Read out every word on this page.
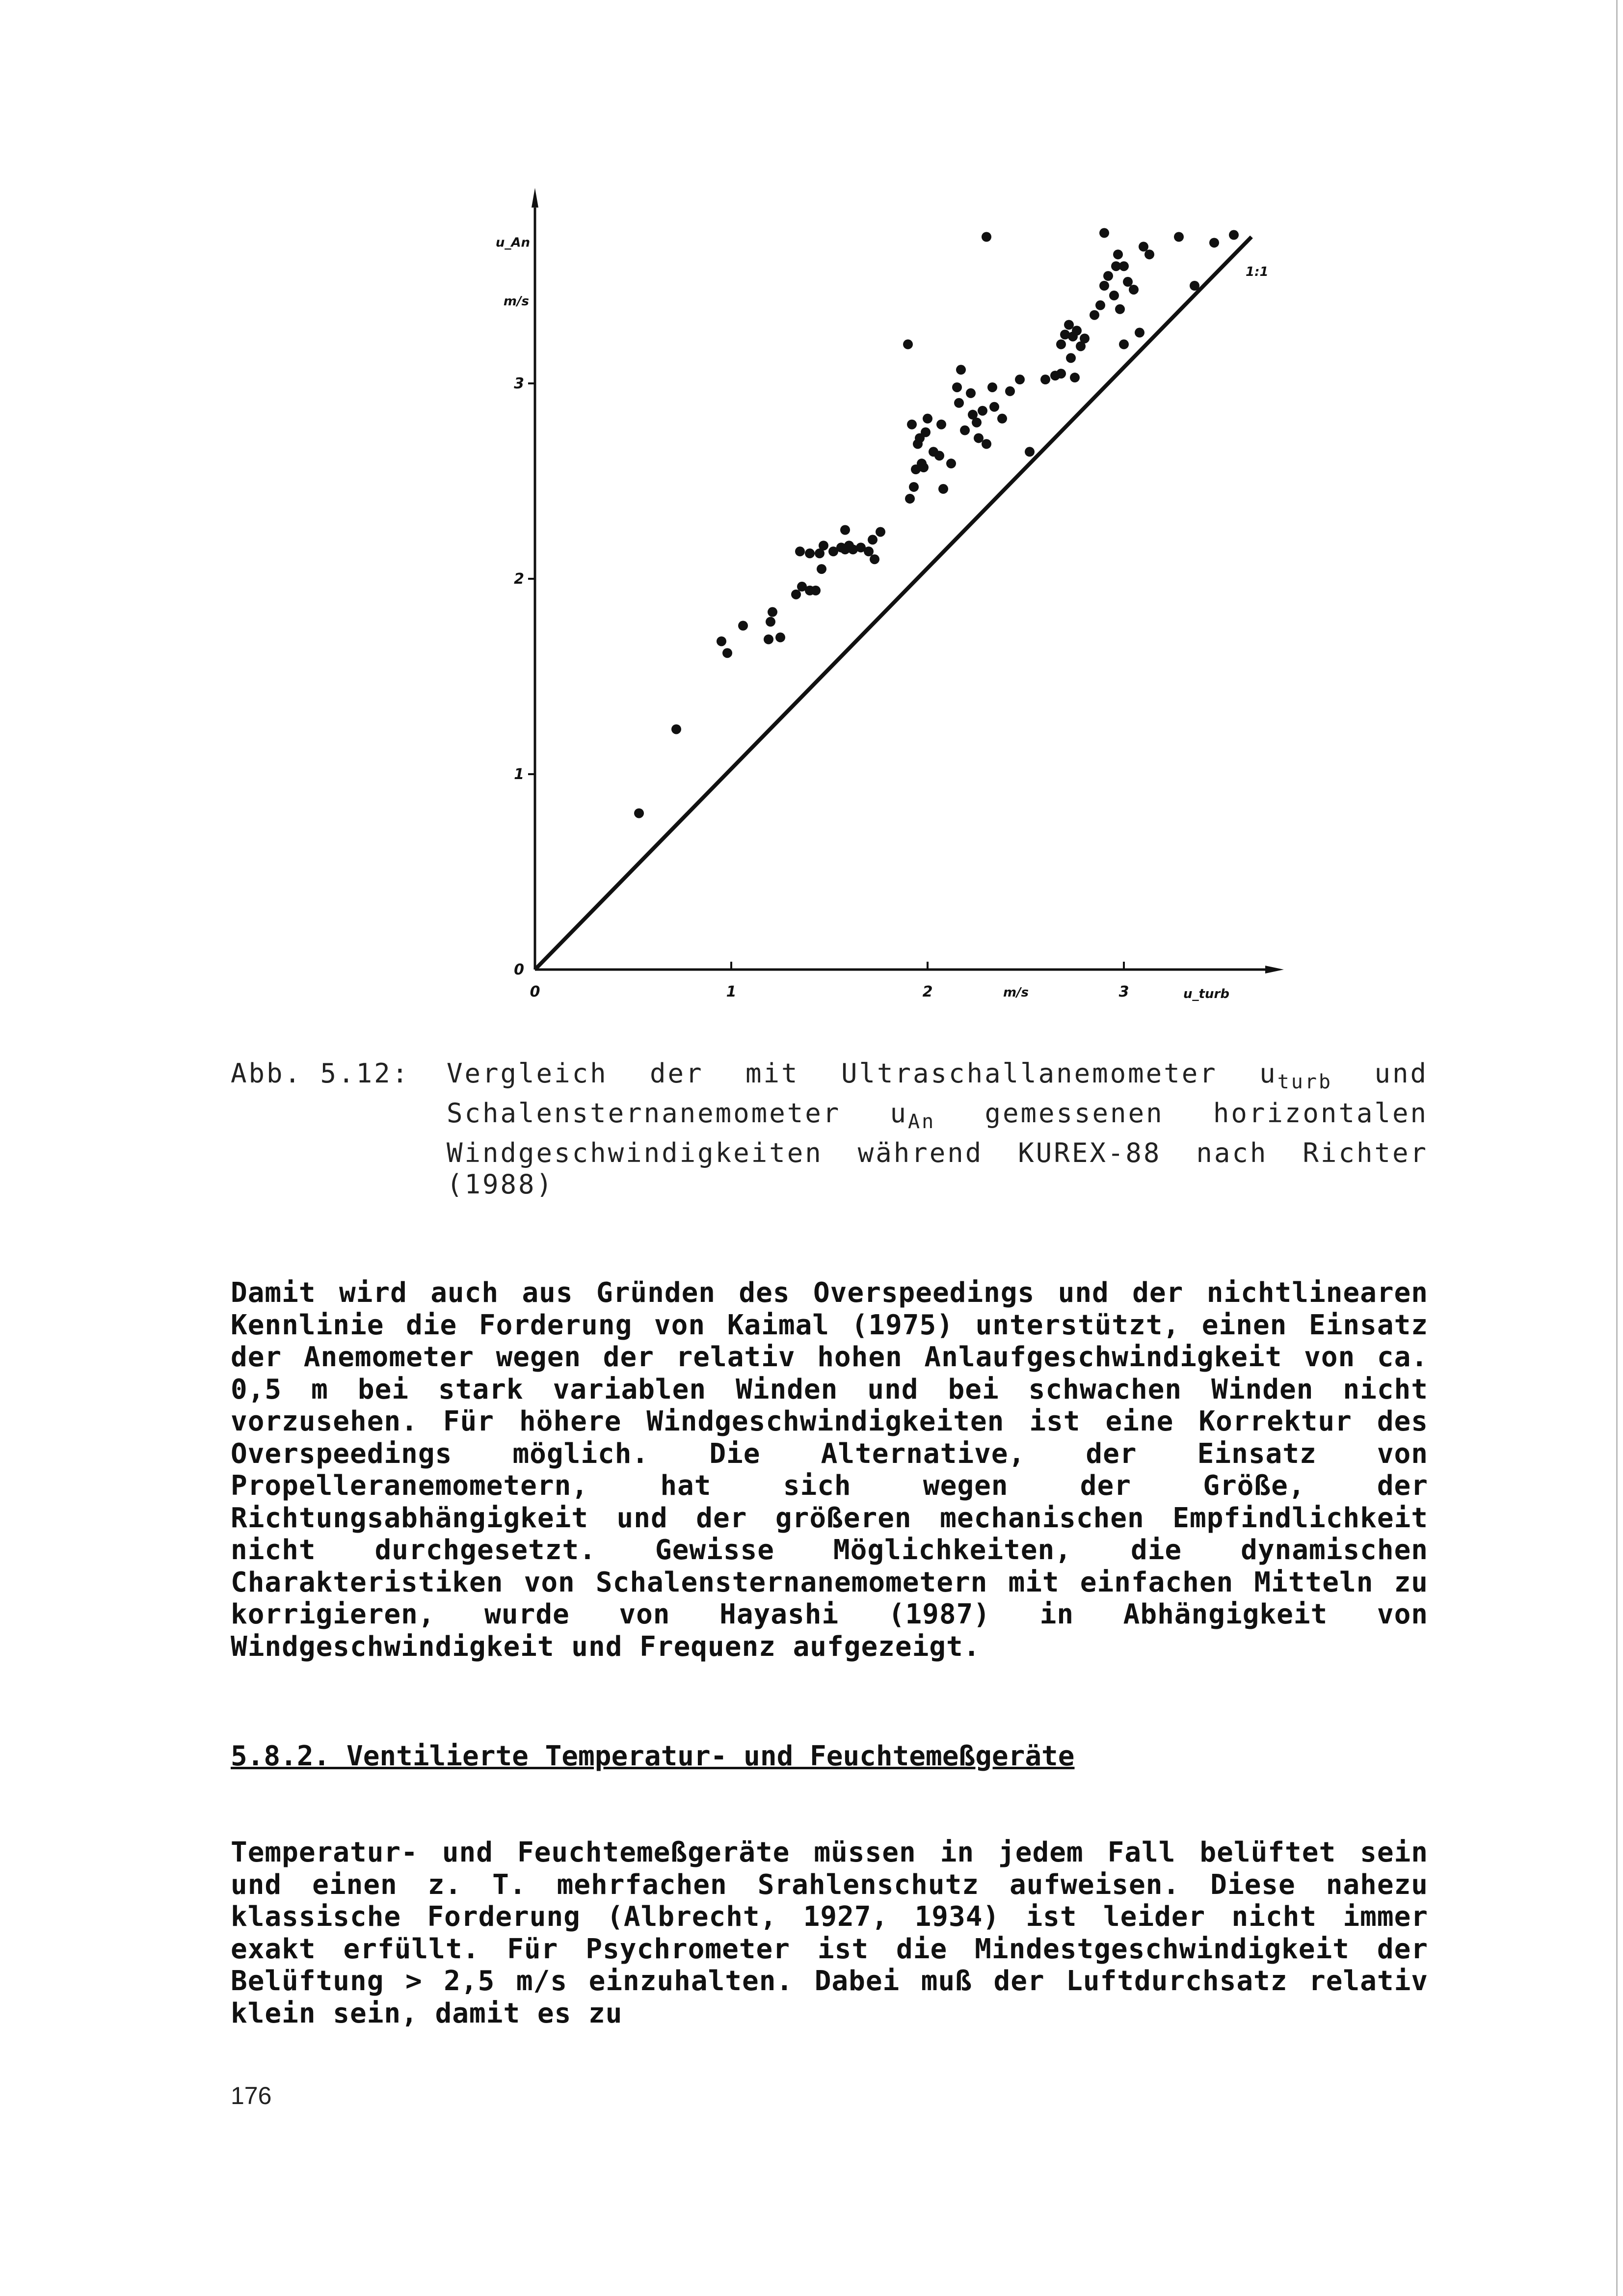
0	1	2	3
0
1
2
3
m/s	u_turb
u_An
m/s
1:1
Abb. 5.12: Vergleich der mit Ultraschallanemometer $u_{turb}$ und Schalensternanemometer $u_{An}$ gemessenen horizontalen Windgeschwindigkeiten während KUREX-88 nach Richter (1988)

Damit wird auch aus Gründen des Overspeedings und der nichtlinearen Kennlinie die Forderung von Kaimal (1975) unterstützt, einen Einsatz der Anemometer wegen der relativ hohen Anlaufgeschwindigkeit von ca. 0,5 m bei stark variablen Winden und bei schwachen Winden nicht vorzusehen. Für höhere Windgeschwindigkeiten ist eine Korrektur des Overspeedings möglich. Die Alternative, der Einsatz von Propelleranemometern, hat sich wegen der Größe, der Richtungsabhängigkeit und der größeren mechanischen Empfindlichkeit nicht durchgesetzt. Gewisse Möglichkeiten, die dynamischen Charakteristiken von Schalensternanemometern mit einfachen Mitteln zu korrigieren, wurde von Hayashi (1987) in Abhängigkeit von Windgeschwindigkeit und Frequenz aufgezeigt.

5.8.2. Ventilierte Temperatur- und Feuchtemeßgeräte

Temperatur- und Feuchtemeßgeräte müssen in jedem Fall belüftet sein und einen z. T. mehrfachen Srahlenschutz aufweisen. Diese nahezu klassische Forderung (Albrecht, 1927, 1934) ist leider nicht immer exakt erfüllt. Für Psychrometer ist die Mindestgeschwindigkeit der Belüftung > 2,5 m/s einzuhalten. Dabei muß der Luftdurchsatz relativ klein sein, damit es zu

176
